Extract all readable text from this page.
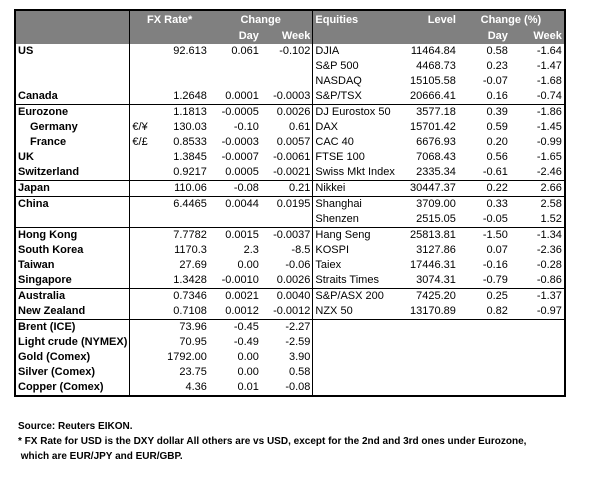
	FX Rate*		Change		Equities	Level	Change (%)	
			Day	Week			Day	Week
US		92.613	0.061	-0.102	DJIA	11464.84	0.58	-1.64
					S&P 500	4468.73	0.23	-1.47
					NASDAQ	15105.58	-0.07	-1.68
Canada		1.2648	0.0001	-0.0003	S&P/TSX	20666.41	0.16	-0.74
Eurozone		1.1813	-0.0005	0.0026	DJ Eurostox 50	3577.18	0.39	-1.86
Germany	€/¥	130.03	-0.10	0.61	DAX	15701.42	0.59	-1.45
France	€/£	0.8533	-0.0003	0.0057	CAC 40	6676.93	0.20	-0.99
UK		1.3845	-0.0007	-0.0061	FTSE 100	7068.43	0.56	-1.65
Switzerland		0.9217	0.0005	-0.0021	Swiss Mkt Index	2335.34	-0.61	-2.46
Japan		110.06	-0.08	0.21	Nikkei	30447.37	0.22	2.66
China		6.4465	0.0044	0.0195	Shanghai	3709.00	0.33	2.58
					Shenzen	2515.05	-0.05	1.52
Hong Kong		7.7782	0.0015	-0.0037	Hang Seng	25813.81	-1.50	-1.34
South Korea		1170.3	2.3	-8.5	KOSPI	3127.86	0.07	-2.36
Taiwan		27.69	0.00	-0.06	Taiex	17446.31	-0.16	-0.28
Singapore		1.3428	-0.0010	0.0026	Straits Times	3074.31	-0.79	-0.86
Australia		0.7346	0.0021	0.0040	S&P/ASX 200	7425.20	0.25	-1.37
New Zealand		0.7108	0.0012	-0.0012	NZX 50	13170.89	0.82	-0.97
Brent (ICE)		73.96	-0.45	-2.27				
Light crude (NYMEX)		70.95	-0.49	-2.59				
Gold (Comex)		1792.00	0.00	3.90				
Silver (Comex)		23.75	0.00	0.58				
Copper (Comex)		4.36	0.01	-0.08				
Source: Reuters EIKON.
* FX Rate for USD is the DXY dollar All others are vs USD, except for the 2nd and 3rd ones under Eurozone,
which are EUR/JPY and EUR/GBP.
